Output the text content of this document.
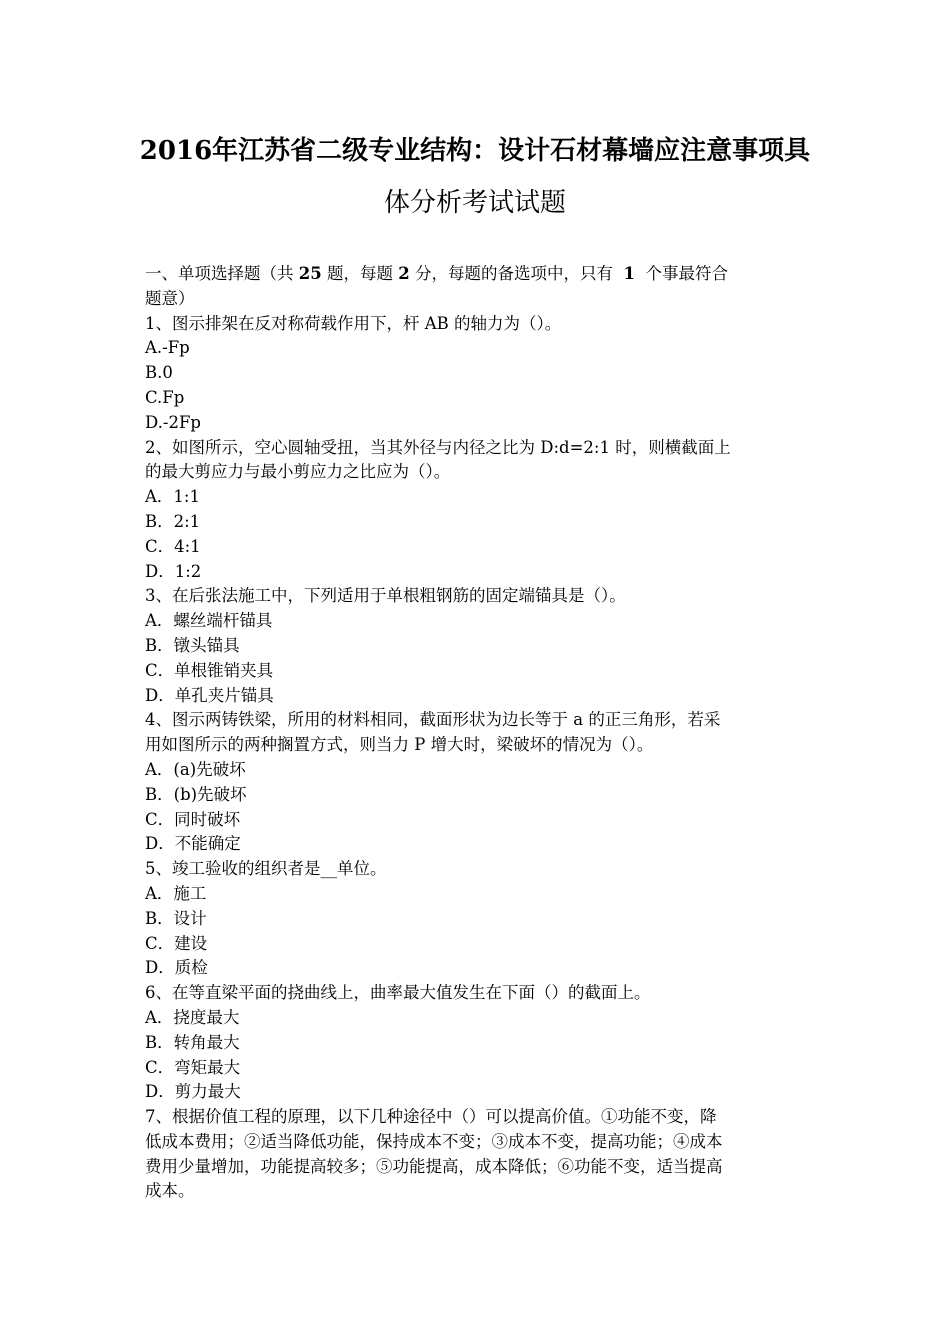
2016年江苏省二级专业结构：设计石材幕墙应注意事项具
体分析考试试题
一、单项选择题（共 25 题，每题 2 分，每题的备选项中，只有 1 个事最符合
题意）
1、图示排架在反对称荷载作用下，杆 AB 的轴力为（）。
A.-Fp
B.0
C.Fp
D.-2Fp
2、如图所示，空心圆轴受扭，当其外径与内径之比为 D:d=2:1 时，则横截面上
的最大剪应力与最小剪应力之比应为（）。
A．1:1
B．2:1
C．4:1
D．1:2
3、在后张法施工中，下列适用于单根粗钢筋的固定端锚具是（）。
A．螺丝端杆锚具
B．镦头锚具
C．单根锥销夹具
D．单孔夹片锚具
4、图示两铸铁梁，所用的材料相同，截面形状为边长等于 a 的正三角形，若采
用如图所示的两种搁置方式，则当力 P 增大时，梁破坏的情况为（）。
A．(a)先破坏
B．(b)先破坏
C．同时破坏
D．不能确定
5、竣工验收的组织者是__单位。
A．施工
B．设计
C．建设
D．质检
6、在等直梁平面的挠曲线上，曲率最大值发生在下面（）的截面上。
A．挠度最大
B．转角最大
C．弯矩最大
D．剪力最大
7、根据价值工程的原理，以下几种途径中（）可以提高价值。①功能不变，降
低成本费用；②适当降低功能，保持成本不变；③成本不变，提高功能；④成本
费用少量增加，功能提高较多；⑤功能提高，成本降低；⑥功能不变，适当提高
成本。
